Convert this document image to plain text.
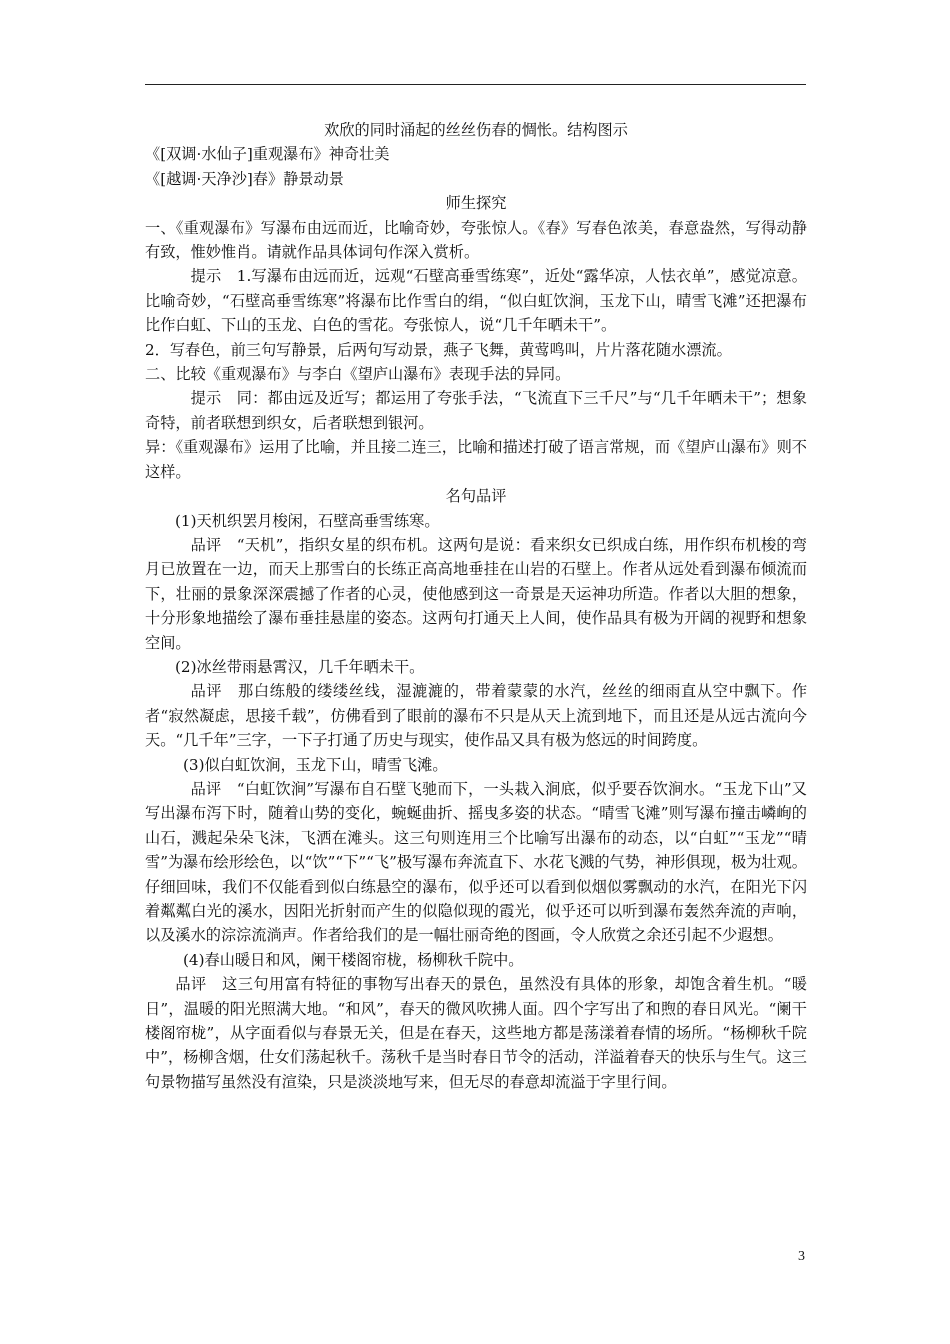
欢欣的同时涌起的丝丝伤春的惆怅。结构图示

《[双调·水仙子]重观瀑布》神奇壮美

《[越调·天净沙]春》静景动景

师生探究

一、《重观瀑布》写瀑布由远而近，比喻奇妙，夸张惊人。《春》写春色浓美，春意盎然，写得动静有致，惟妙惟肖。请就作品具体词句作深入赏析。

提示　1.写瀑布由远而近，远观“石壁高垂雪练寒”，近处“露华凉，人怯衣单”，感觉凉意。比喻奇妙，“石壁高垂雪练寒”将瀑布比作雪白的绢，“似白虹饮涧，玉龙下山，晴雪飞滩”还把瀑布比作白虹、下山的玉龙、白色的雪花。夸张惊人，说“几千年晒未干”。

2．写春色，前三句写静景，后两句写动景，燕子飞舞，黄莺鸣叫，片片落花随水漂流。

二、比较《重观瀑布》与李白《望庐山瀑布》表现手法的异同。

提示　同：都由远及近写；都运用了夸张手法，“飞流直下三千尺”与“几千年晒未干”；想象奇特，前者联想到织女，后者联想到银河。

异：《重观瀑布》运用了比喻，并且接二连三，比喻和描述打破了语言常规，而《望庐山瀑布》则不这样。

名句品评

(1)天机织罢月梭闲，石壁高垂雪练寒。

品评　“天机”，指织女星的织布机。这两句是说：看来织女已织成白练，用作织布机梭的弯月已放置在一边，而天上那雪白的长练正高高地垂挂在山岩的石壁上。作者从远处看到瀑布倾流而下，壮丽的景象深深震撼了作者的心灵，使他感到这一奇景是天运神功所造。作者以大胆的想象，十分形象地描绘了瀑布垂挂悬崖的姿态。这两句打通天上人间，使作品具有极为开阔的视野和想象空间。

(2)冰丝带雨悬霄汉，几千年晒未干。

品评　那白练般的缕缕丝线，湿漉漉的，带着蒙蒙的水汽，丝丝的细雨直从空中飘下。作者“寂然凝虑，思接千载”，仿佛看到了眼前的瀑布不只是从天上流到地下，而且还是从远古流向今天。“几千年”三字，一下子打通了历史与现实，使作品又具有极为悠远的时间跨度。

(3)似白虹饮涧，玉龙下山，晴雪飞滩。

品评　“白虹饮涧”写瀑布自石壁飞驰而下，一头栽入涧底，似乎要吞饮涧水。“玉龙下山”又写出瀑布泻下时，随着山势的变化，蜿蜒曲折、摇曳多姿的状态。“晴雪飞滩”则写瀑布撞击嶙峋的山石，溅起朵朵飞沫，飞洒在滩头。这三句则连用三个比喻写出瀑布的动态，以“白虹”“玉龙”“晴雪”为瀑布绘形绘色，以“饮”“下”“飞”极写瀑布奔流直下、水花飞溅的气势，神形俱现，极为壮观。仔细回味，我们不仅能看到似白练悬空的瀑布，似乎还可以看到似烟似雾飘动的水汽，在阳光下闪着粼粼白光的溪水，因阳光折射而产生的似隐似现的霞光，似乎还可以听到瀑布轰然奔流的声响，以及溪水的淙淙流淌声。作者给我们的是一幅壮丽奇绝的图画，令人欣赏之余还引起不少遐想。

(4)春山暖日和风，阑干楼阁帘栊，杨柳秋千院中。

品评　这三句用富有特征的事物写出春天的景色，虽然没有具体的形象，却饱含着生机。“暖日”，温暖的阳光照满大地。“和风”，春天的微风吹拂人面。四个字写出了和煦的春日风光。“阑干楼阁帘栊”，从字面看似与春景无关，但是在春天，这些地方都是荡漾着春情的场所。“杨柳秋千院中”，杨柳含烟，仕女们荡起秋千。荡秋千是当时春日节令的活动，洋溢着春天的快乐与生气。这三句景物描写虽然没有渲染，只是淡淡地写来，但无尽的春意却流溢于字里行间。

3
